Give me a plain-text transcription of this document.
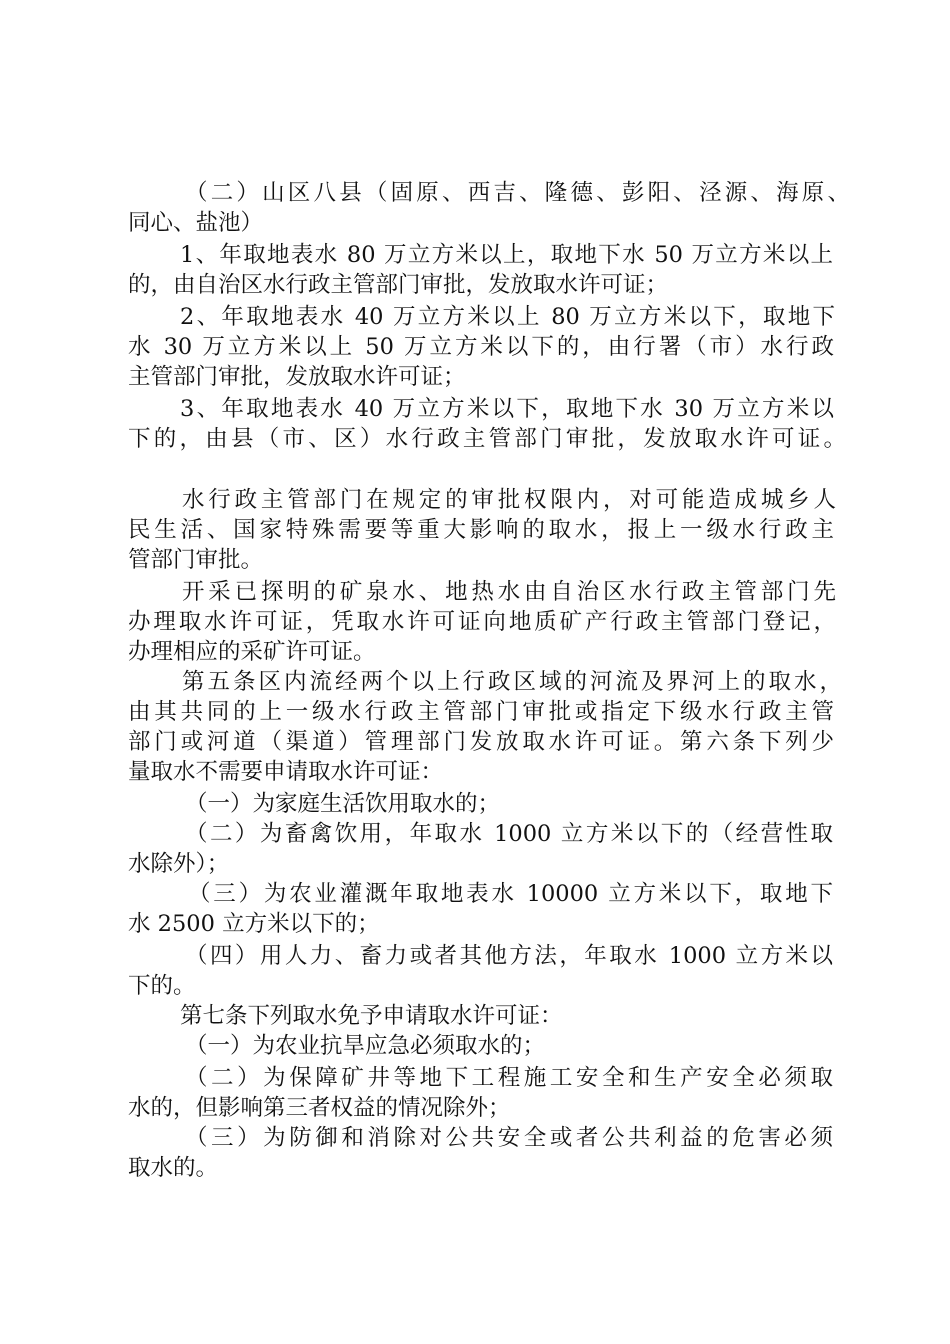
（二）山区八县（固原、西吉、隆德、彭阳、泾源、海原、
同心、盐池）
1、年取地表水 80 万立方米以上，取地下水 50 万立方米以上
的，由自治区水行政主管部门审批，发放取水许可证；
2、年取地表水 40 万立方米以上 80 万立方米以下，取地下
水 30 万立方米以上 50 万立方米以下的，由行署（市）水行政
主管部门审批，发放取水许可证；
3、年取地表水 40 万立方米以下，取地下水 30 万立方米以
下的，由县（市、区）水行政主管部门审批，发放取水许可证。
水行政主管部门在规定的审批权限内，对可能造成城乡人
民生活、国家特殊需要等重大影响的取水，报上一级水行政主
管部门审批。
开采已探明的矿泉水、地热水由自治区水行政主管部门先
办理取水许可证，凭取水许可证向地质矿产行政主管部门登记，
办理相应的采矿许可证。
第五条区内流经两个以上行政区域的河流及界河上的取水，
由其共同的上一级水行政主管部门审批或指定下级水行政主管
部门或河道（渠道）管理部门发放取水许可证。第六条下列少
量取水不需要申请取水许可证：
（一）为家庭生活饮用取水的；
（二）为畜禽饮用，年取水 1000 立方米以下的（经营性取
水除外）；
（三）为农业灌溉年取地表水 10000 立方米以下，取地下
水 2500 立方米以下的；
（四）用人力、畜力或者其他方法，年取水 1000 立方米以
下的。
第七条下列取水免予申请取水许可证：
（一）为农业抗旱应急必须取水的；
（二）为保障矿井等地下工程施工安全和生产安全必须取
水的，但影响第三者权益的情况除外；
（三）为防御和消除对公共安全或者公共利益的危害必须
取水的。
